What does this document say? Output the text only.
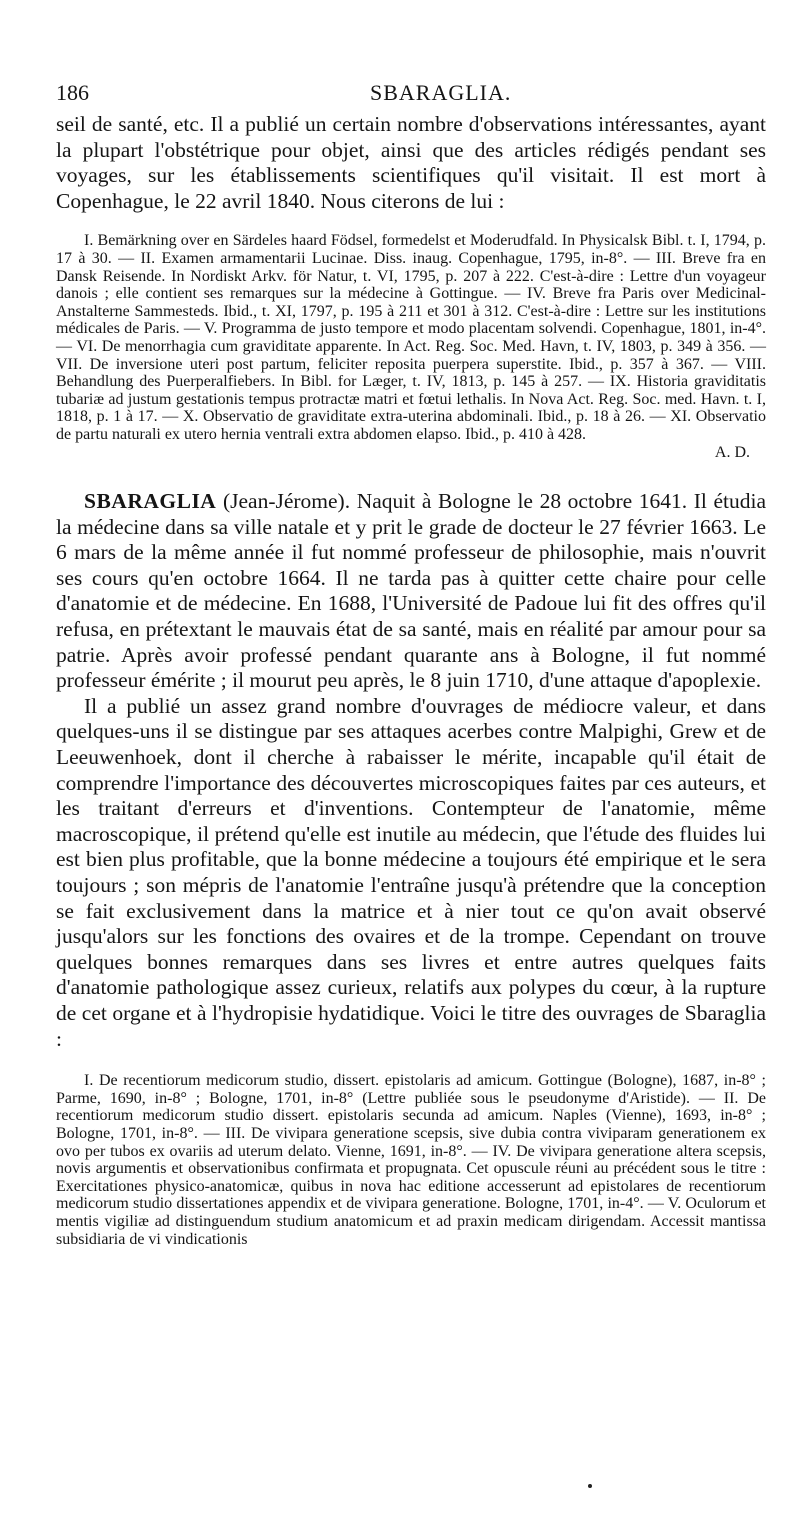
186	SBARAGLIA.

seil de santé, etc. Il a publié un certain nombre d'observations intéressantes, ayant la plupart l'obstétrique pour objet, ainsi que des articles rédigés pendant ses voyages, sur les établissements scientifiques qu'il visitait. Il est mort à Copenhague, le 22 avril 1840. Nous citerons de lui :

I. Bemärkning over en Särdeles haard Födsel, formedelst et Moderudfald. In Physicalsk Bibl. t. I, 1794, p. 17 à 30. — II. Examen armamentarii Lucinae. Diss. inaug. Copenhague, 1795, in-8°. — III. Breve fra en Dansk Reisende. In Nordiskt Arkv. för Natur, t. VI, 1795, p. 207 à 222. C'est-à-dire : Lettre d'un voyageur danois ; elle contient ses remarques sur la médecine à Gottingue. — IV. Breve fra Paris over Medicinal-Anstalterne Sammesteds. Ibid., t. XI, 1797, p. 195 à 211 et 301 à 312. C'est-à-dire : Lettre sur les institutions médicales de Paris. — V. Programma de justo tempore et modo placentam solvendi. Copenhague, 1801, in-4°. — VI. De menorrhagia cum graviditate apparente. In Act. Reg. Soc. Med. Havn, t. IV, 1803, p. 349 à 356. — VII. De inversione uteri post partum, feliciter reposita puerpera superstite. Ibid., p. 357 à 367. — VIII. Behandlung des Puerperalfiebers. In Bibl. for Læger, t. IV, 1813, p. 145 à 257. — IX. Historia graviditatis tubariæ ad justum gestationis tempus protractæ matri et fœtui lethalis. In Nova Act. Reg. Soc. med. Havn. t. I, 1818, p. 1 à 17. — X. Observatio de graviditate extra-uterina abdominali. Ibid., p. 18 à 26. — XI. Observatio de partu naturali ex utero hernia ventrali extra abdomen elapso. Ibid., p. 410 à 428.

A. D.

SBARAGLIA (Jean-Jérome). Naquit à Bologne le 28 octobre 1641. Il étudia la médecine dans sa ville natale et y prit le grade de docteur le 27 février 1663. Le 6 mars de la même année il fut nommé professeur de philosophie, mais n'ouvrit ses cours qu'en octobre 1664. Il ne tarda pas à quitter cette chaire pour celle d'anatomie et de médecine. En 1688, l'Université de Padoue lui fit des offres qu'il refusa, en prétextant le mauvais état de sa santé, mais en réalité par amour pour sa patrie. Après avoir professé pendant quarante ans à Bologne, il fut nommé professeur émérite ; il mourut peu après, le 8 juin 1710, d'une attaque d'apoplexie.

Il a publié un assez grand nombre d'ouvrages de médiocre valeur, et dans quelques-uns il se distingue par ses attaques acerbes contre Malpighi, Grew et de Leeuwenhoek, dont il cherche à rabaisser le mérite, incapable qu'il était de comprendre l'importance des découvertes microscopiques faites par ces auteurs, et les traitant d'erreurs et d'inventions. Contempteur de l'anatomie, même macroscopique, il prétend qu'elle est inutile au médecin, que l'étude des fluides lui est bien plus profitable, que la bonne médecine a toujours été empirique et le sera toujours ; son mépris de l'anatomie l'entraîne jusqu'à prétendre que la conception se fait exclusivement dans la matrice et à nier tout ce qu'on avait observé jusqu'alors sur les fonctions des ovaires et de la trompe. Cependant on trouve quelques bonnes remarques dans ses livres et entre autres quelques faits d'anatomie pathologique assez curieux, relatifs aux polypes du cœur, à la rupture de cet organe et à l'hydropisie hydatidique. Voici le titre des ouvrages de Sbaraglia :

I. De recentiorum medicorum studio, dissert. epistolaris ad amicum. Gottingue (Bologne), 1687, in-8° ; Parme, 1690, in-8° ; Bologne, 1701, in-8° (Lettre publiée sous le pseudonyme d'Aristide). — II. De recentiorum medicorum studio dissert. epistolaris secunda ad amicum. Naples (Vienne), 1693, in-8° ; Bologne, 1701, in-8°. — III. De vivipara generatione scepsis, sive dubia contra viviparam generationem ex ovo per tubos ex ovariis ad uterum delato. Vienne, 1691, in-8°. — IV. De vivipara generatione altera scepsis, novis argumentis et observationibus confirmata et propugnata. Cet opuscule réuni au précédent sous le titre : Exercitationes physico-anatomicæ, quibus in nova hac editione accesserunt ad epistolares de recentiorum medicorum studio dissertationes appendix et de vivipara generatione. Bologne, 1701, in-4°. — V. Oculorum et mentis vigiliæ ad distinguendum studium anatomicum et ad praxin medicam dirigendam. Accessit mantissa subsidiaria de vi vindicationis
